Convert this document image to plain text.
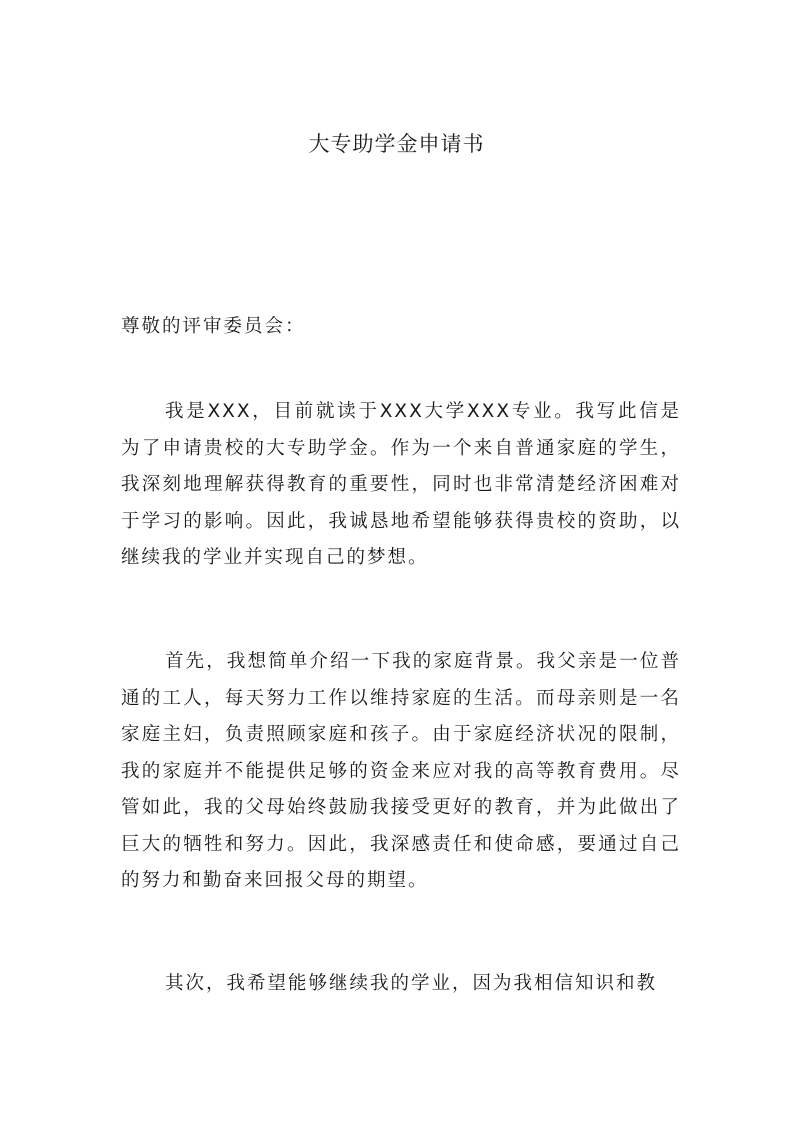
大专助学金申请书
尊敬的评审委员会：

我是XXX，目前就读于XXX大学XXX专业。我写此信是为了申请贵校的大专助学金。作为一个来自普通家庭的学生，我深刻地理解获得教育的重要性，同时也非常清楚经济困难对于学习的影响。因此，我诚恳地希望能够获得贵校的资助，以继续我的学业并实现自己的梦想。

首先，我想简单介绍一下我的家庭背景。我父亲是一位普通的工人，每天努力工作以维持家庭的生活。而母亲则是一名家庭主妇，负责照顾家庭和孩子。由于家庭经济状况的限制，我的家庭并不能提供足够的资金来应对我的高等教育费用。尽管如此，我的父母始终鼓励我接受更好的教育，并为此做出了巨大的牺牲和努力。因此，我深感责任和使命感，要通过自己的努力和勤奋来回报父母的期望。

其次，我希望能够继续我的学业，因为我相信知识和教
